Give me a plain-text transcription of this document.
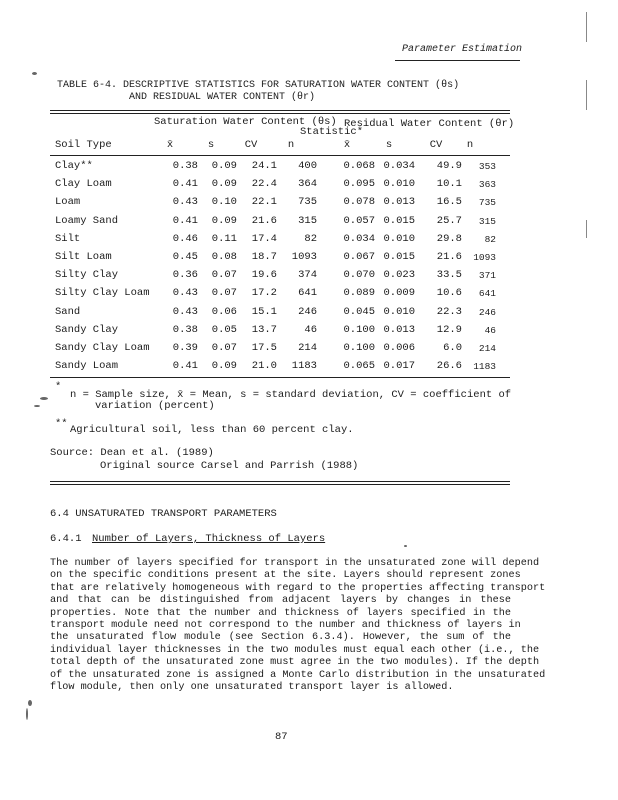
Parameter Estimation
TABLE 6-4. DESCRIPTIVE STATISTICS FOR SATURATION WATER CONTENT (θs)
AND RESIDUAL WATER CONTENT (θr)
Saturation Water Content (θs) Residual Water Content (θr)
Statistic*
Soil Type	x̄	s	CV	n	x̄	s	CV	n
Clay**	0.38	0.09	24.1	400	0.068 0.034	49.9	353
Clay Loam	0.41	0.09	22.4	364	0.095 0.010	10.1	363
Loam	0.43	0.10	22.1	735	0.078 0.013	16.5	735
Loamy Sand	0.41	0.09	21.6	315	0.057 0.015	25.7	315
Silt	0.46	0.11	17.4	82	0.034 0.010	29.8	82
Silt Loam	0.45	0.08	18.7	1093	0.067 0.015	21.6	1093
Silty Clay	0.36	0.07	19.6	374	0.070 0.023	33.5	371
Silty Clay Loam	0.43	0.07	17.2	641	0.089 0.009	10.6	641
Sand	0.43	0.06	15.1	246	0.045 0.010	22.3	246
Sandy Clay	0.38	0.05	13.7	46	0.100 0.013	12.9	46
Sandy Clay Loam	0.39	0.07	17.5	214	0.100 0.006	6.0	214
Sandy Loam	0.41	0.09	21.0	1183	0.065 0.017	26.6	1183
*
n = Sample size, x̄ = Mean, s = standard deviation, CV = coefficient of
variation (percent)
** Agricultural soil, less than 60 percent clay.
Source: Dean et al. (1989)
Original source Carsel and Parrish (1988)
6.4 UNSATURATED TRANSPORT PARAMETERS
6.4.1 Number of Layers, Thickness of Layers
The number of layers specified for transport in the unsaturated zone will depend
on the specific conditions present at the site. Layers should represent zones
that are relatively homogeneous with regard to the properties affecting transport
and that can be distinguished from adjacent layers by changes in these
properties. Note that the number and thickness of layers specified in the
transport module need not correspond to the number and thickness of layers in
the unsaturated flow module (see Section 6.3.4). However, the sum of the
individual layer thicknesses in the two modules must equal each other (i.e., the
total depth of the unsaturated zone must agree in the two modules). If the depth
of the unsaturated zone is assigned a Monte Carlo distribution in the unsaturated
flow module, then only one unsaturated transport layer is allowed.
87
